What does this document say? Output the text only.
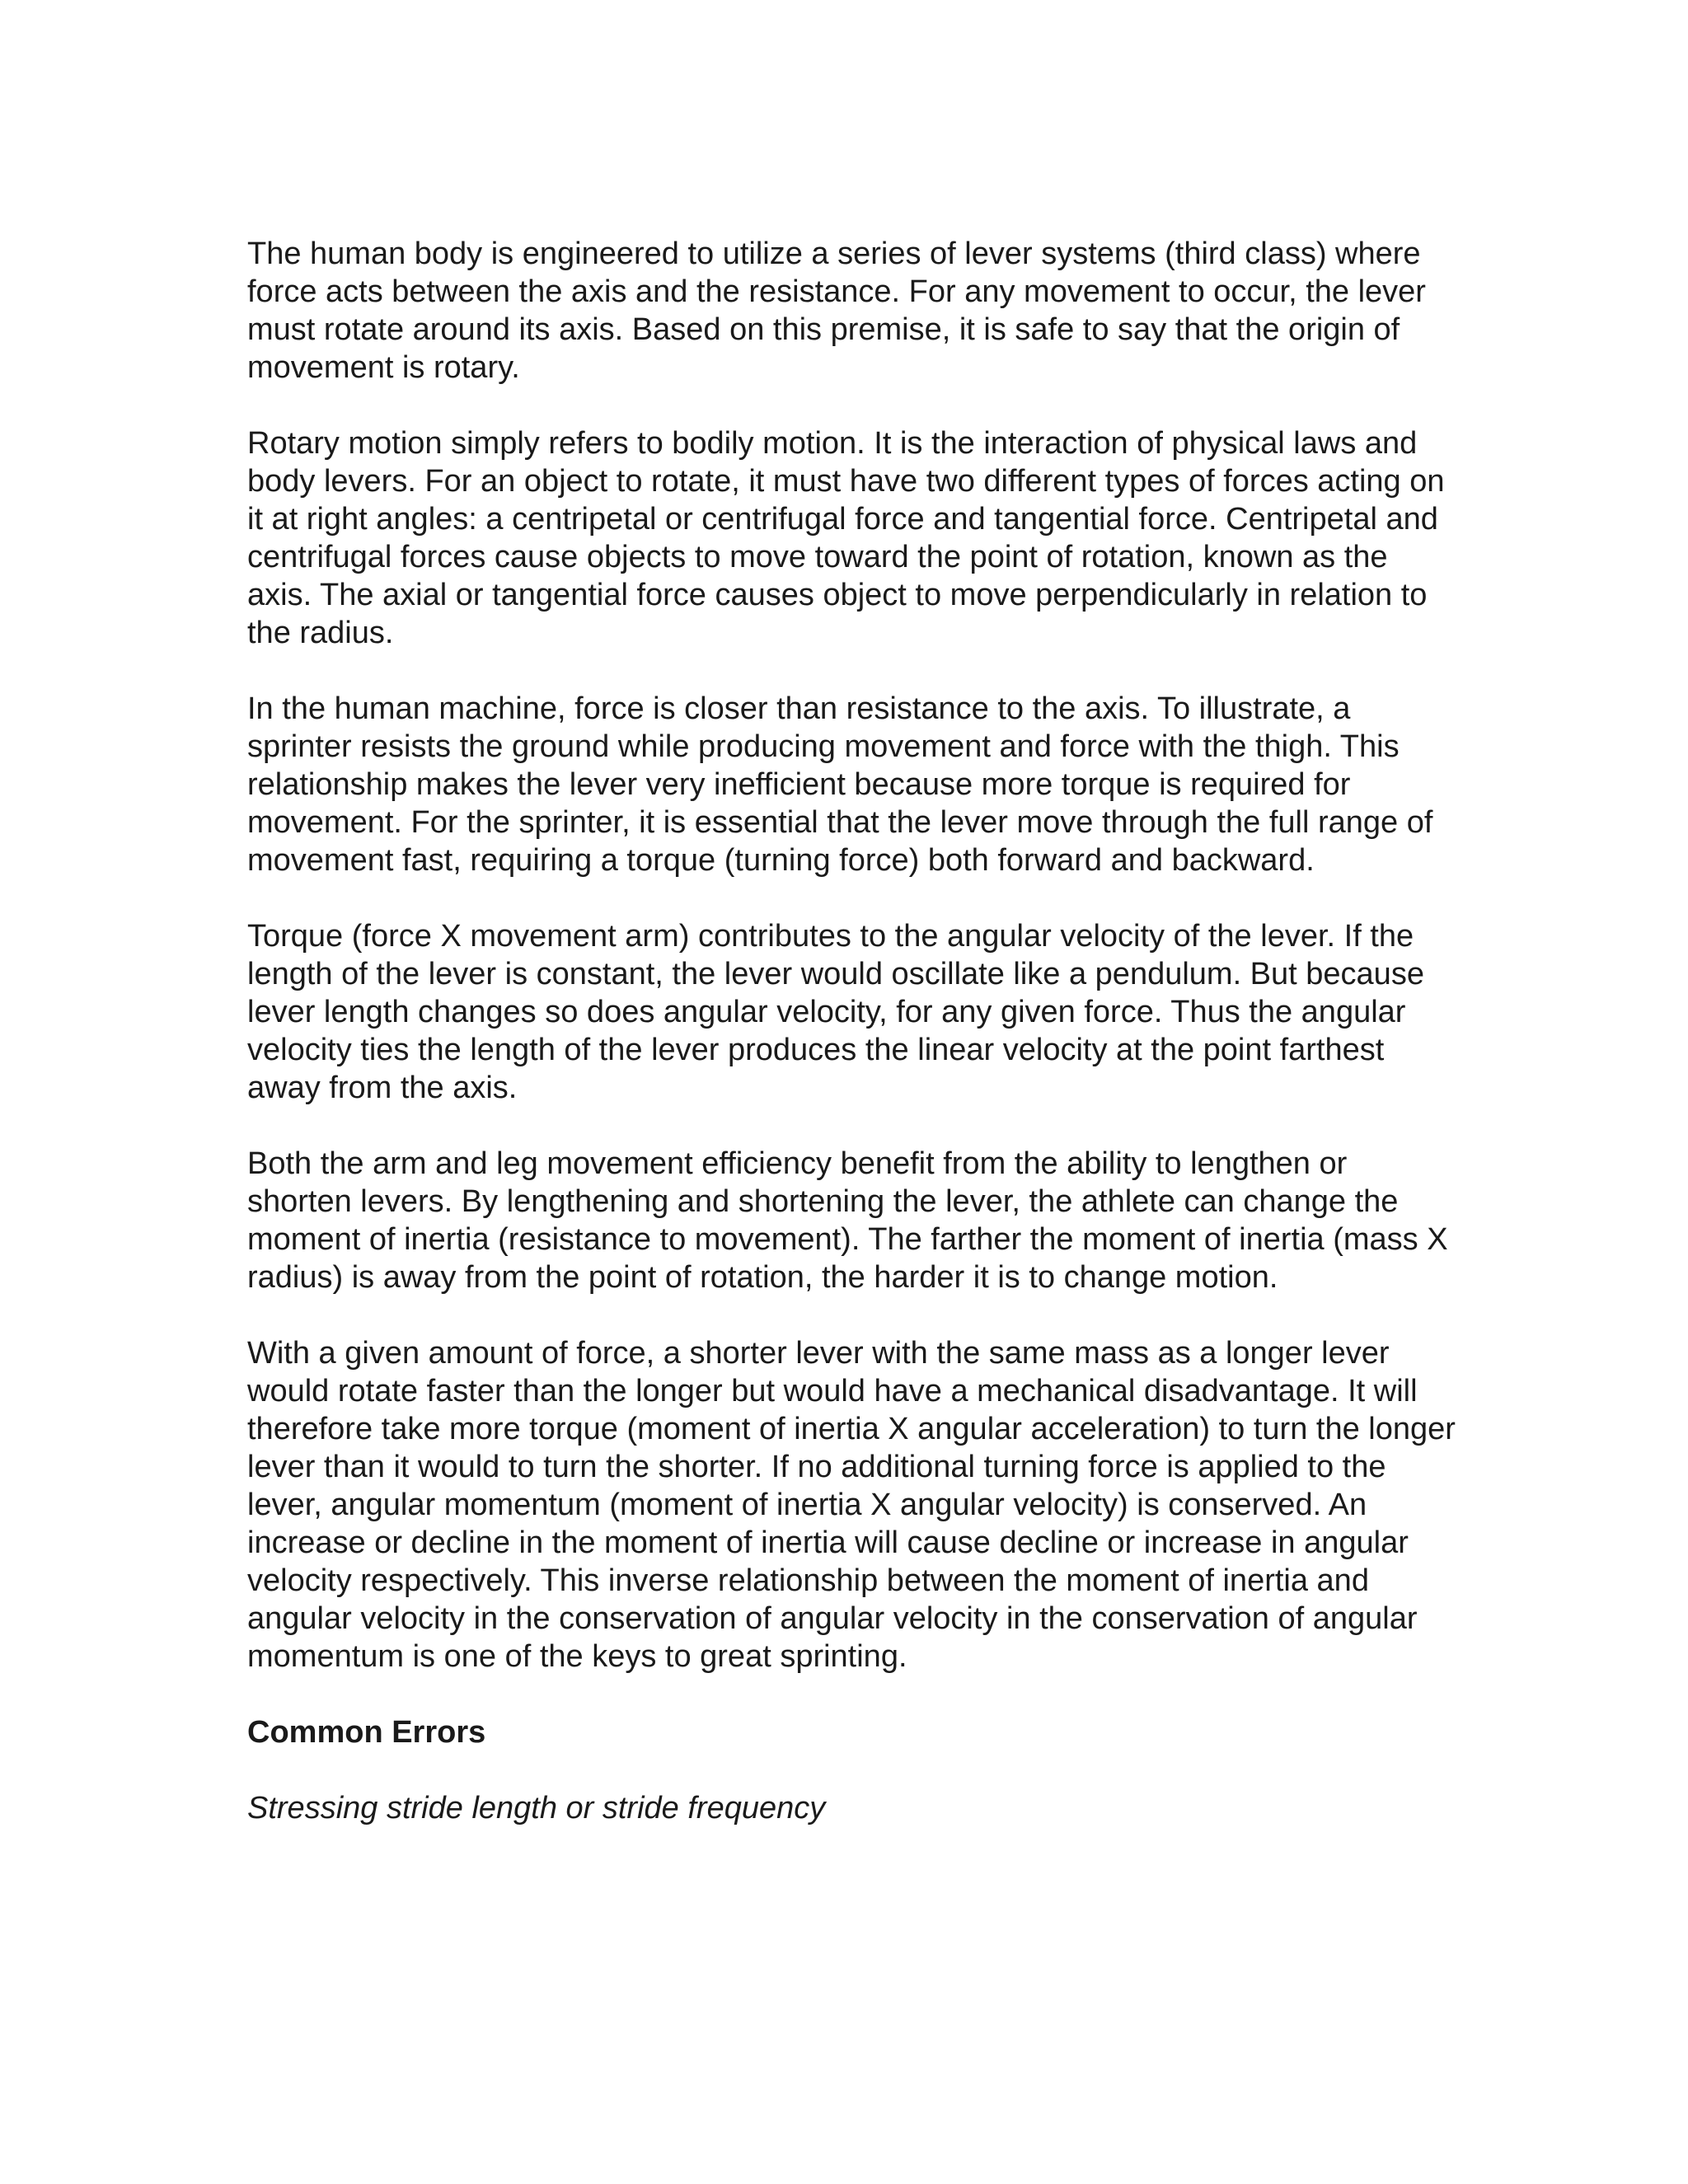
The human body is engineered to utilize a series of lever systems (third class) where force acts between the axis and the resistance. For any movement to occur, the lever must rotate around its axis. Based on this premise, it is safe to say that the origin of movement is rotary.

Rotary motion simply refers to bodily motion. It is the interaction of physical laws and body levers. For an object to rotate, it must have two different types of forces acting on it at right angles: a centripetal or centrifugal force and tangential force. Centripetal and centrifugal forces cause objects to move toward the point of rotation, known as the axis. The axial or tangential force causes object to move perpendicularly in relation to the radius.

In the human machine, force is closer than resistance to the axis. To illustrate, a sprinter resists the ground while producing movement and force with the thigh. This relationship makes the lever very inefficient because more torque is required for movement. For the sprinter, it is essential that the lever move through the full range of movement fast, requiring a torque (turning force) both forward and backward.

Torque (force X movement arm) contributes to the angular velocity of the lever. If the length of the lever is constant, the lever would oscillate like a pendulum. But because lever length changes so does angular velocity, for any given force. Thus the angular velocity ties the length of the lever produces the linear velocity at the point farthest away from the axis.

Both the arm and leg movement efficiency benefit from the ability to lengthen or shorten levers. By lengthening and shortening the lever, the athlete can change the moment of inertia (resistance to movement). The farther the moment of inertia (mass X radius) is away from the point of rotation, the harder it is to change motion.

With a given amount of force, a shorter lever with the same mass as a longer lever would rotate faster than the longer but would have a mechanical disadvantage. It will therefore take more torque (moment of inertia X angular acceleration) to turn the longer lever than it would to turn the shorter. If no additional turning force is applied to the lever, angular momentum (moment of inertia X angular velocity) is conserved. An increase or decline in the moment of inertia will cause decline or increase in angular velocity respectively. This inverse relationship between the moment of inertia and angular velocity in the conservation of angular velocity in the conservation of angular momentum is one of the keys to great sprinting.

Common Errors

Stressing stride length or stride frequency
